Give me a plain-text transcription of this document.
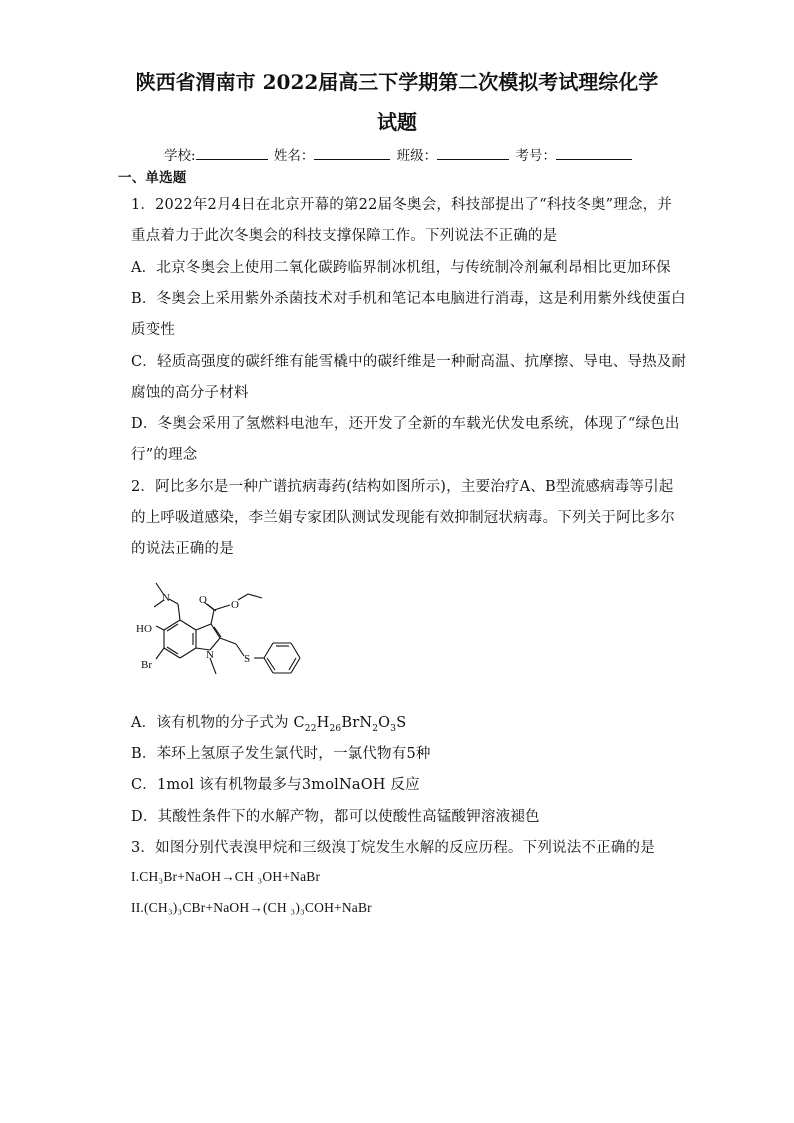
陕西省渭南市 2022届高三下学期第二次模拟考试理综化学
试题
学校:	姓名：	班级：	考号：
一、单选题
1．2022年2月4日在北京开幕的第22届冬奥会，科技部提出了“科技冬奥”理念，并
重点着力于此次冬奥会的科技支撑保障工作。下列说法不正确的是
A．北京冬奥会上使用二氧化碳跨临界制冰机组，与传统制冷剂氟利昂相比更加环保
B．冬奥会上采用紫外杀菌技术对手机和笔记本电脑进行消毒，这是利用紫外线使蛋白
质变性
C．轻质高强度的碳纤维有能雪橇中的碳纤维是一种耐高温、抗摩擦、导电、导热及耐
腐蚀的高分子材料
D．冬奥会采用了氢燃料电池车，还开发了全新的车载光伏发电系统，体现了“绿色出
行”的理念
2．阿比多尔是一种广谱抗病毒药(结构如图所示)，主要治疗A、B型流感病毒等引起
的上呼吸道感染，李兰娟专家团队测试发现能有效抑制冠状病毒。下列关于阿比多尔
的说法正确的是
N	O O
HO
Br
N	S
A．该有机物的分子式为 $C_{22}H_{26}BrN_2O_3S$
B．苯环上氢原子发生氯代时，一氯代物有5种
C．1mol 该有机物最多与3molNaOH 反应
D．其酸性条件下的水解产物，都可以使酸性高锰酸钾溶液褪色
3．如图分别代表溴甲烷和三级溴丁烷发生水解的反应历程。下列说法不正确的是
I.CH₃Br+NaOH→CH ₃OH+NaBr
II.(CH₃)₃CBr+NaOH→(CH ₃)₃COH+NaBr
